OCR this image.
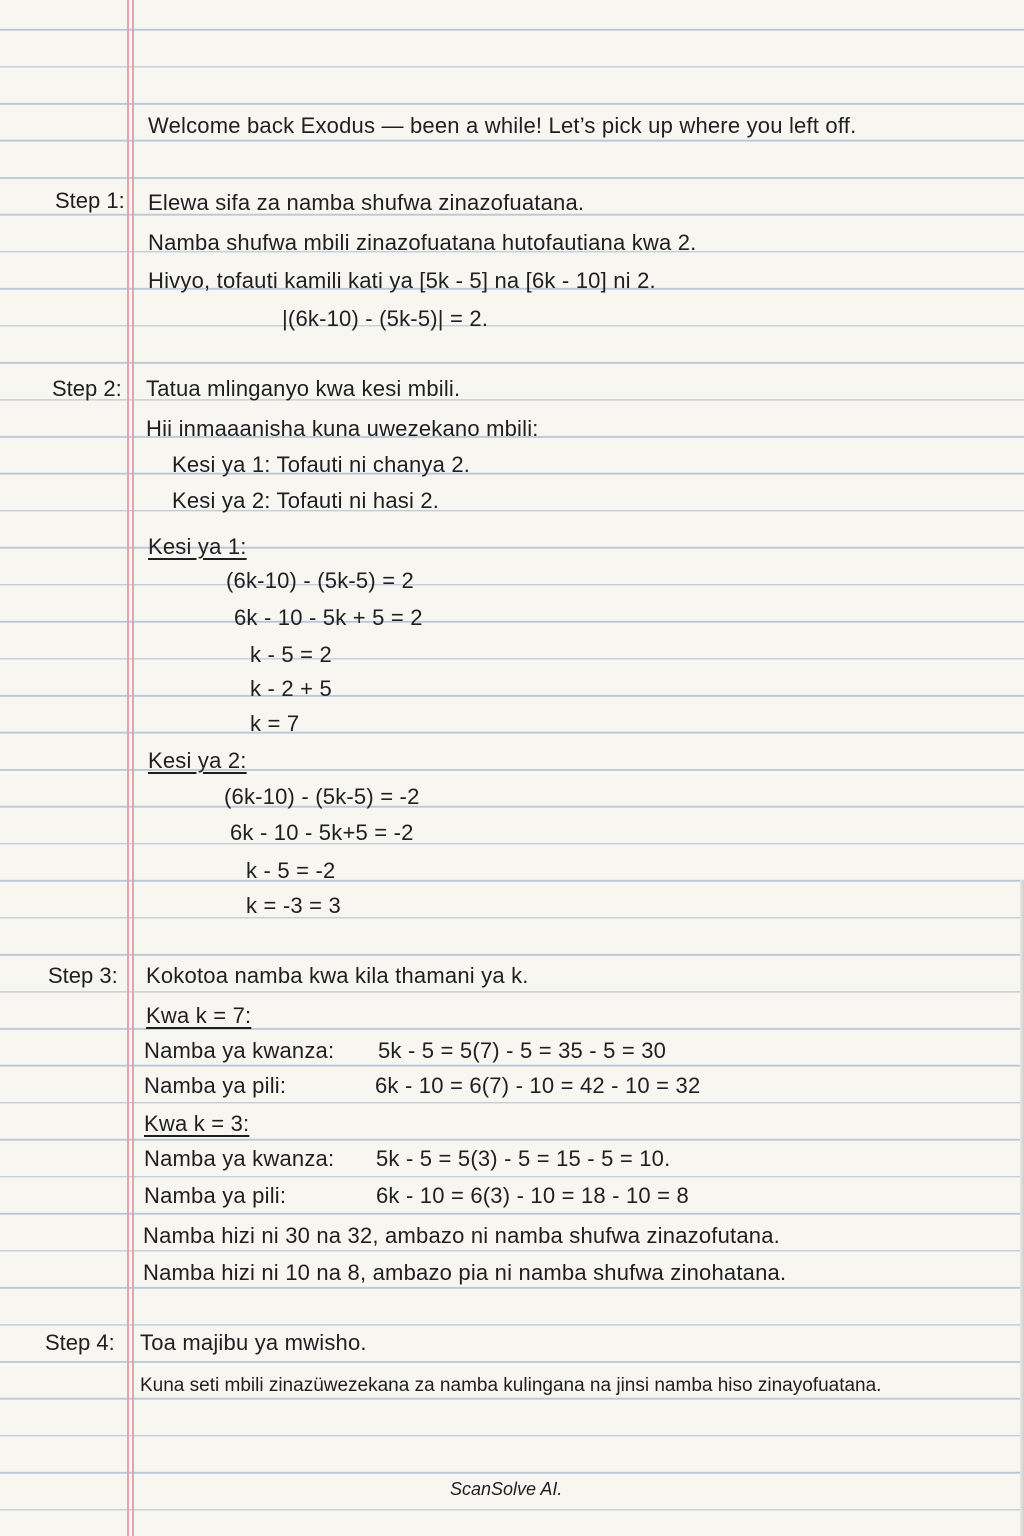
Welcome back Exodus — been a while! Let’s pick up where you left off.
Step 1: Elewa sifa za namba shufwa zinazofuatana.
Namba shufwa mbili zinazofuatana hutofautiana kwa 2.
Hivyo, tofauti kamili kati ya [5k - 5] na [6k - 10] ni 2.
|(6k-10) - (5k-5)| = 2.
Step 2: Tatua mlinganyo kwa kesi mbili.
Hii inmaaanisha kuna uwezekano mbili:
Kesi ya 1: Tofauti ni chanya 2.
Kesi ya 2: Tofauti ni hasi 2.
Kesi ya 1:
(6k-10) - (5k-5) = 2
6k - 10 - 5k + 5 = 2
k - 5 = 2
k - 2 + 5
k = 7
Kesi ya 2:
(6k-10) - (5k-5) = -2
6k - 10 - 5k+5 = -2
k - 5 = -2
k = -3 = 3
Step 3: Kokotoa namba kwa kila thamani ya k.
Kwa k = 7:
Namba ya kwanza: 5k - 5 = 5(7) - 5 = 35 - 5 = 30
Namba ya pili:	6k - 10 = 6(7) - 10 = 42 - 10 = 32
Kwa k = 3:
Namba ya kwanza: 5k - 5 = 5(3) - 5 = 15 - 5 = 10.
Namba ya pili:	6k - 10 = 6(3) - 10 = 18 - 10 = 8
Namba hizi ni 30 na 32, ambazo ni namba shufwa zinazofutana.
Namba hizi ni 10 na 8, ambazo pia ni namba shufwa zinohatana.
Step 4: Toa majibu ya mwisho.
Kuna seti mbili zinazüwezekana za namba kulingana na jinsi namba hiso zinayofuatana.
ScanSolve AI.
